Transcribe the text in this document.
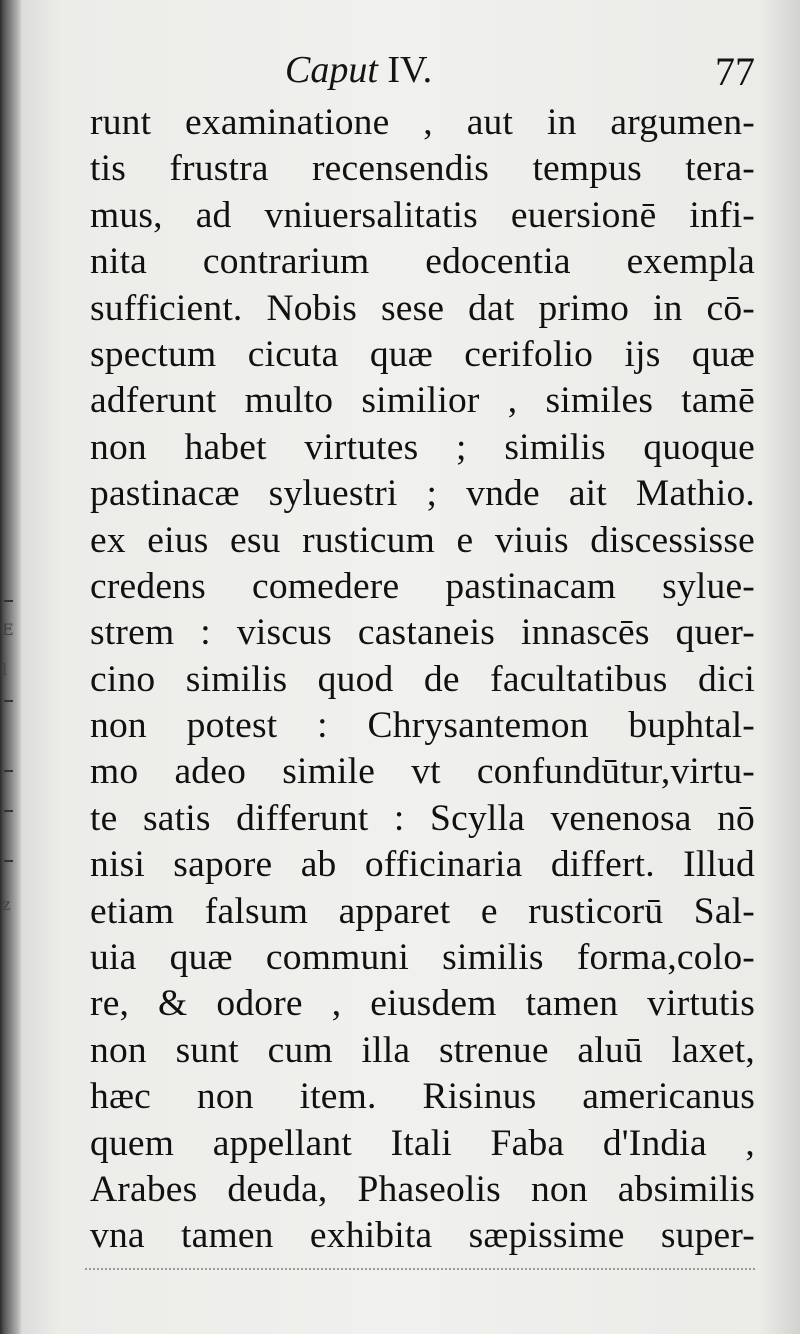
E
l
z
Caput IV.	77
runt examinatione , aut in argumen-
tis frustra recensendis tempus tera-
mus, ad vniuersalitatis euersionē infi-
nita contrarium edocentia exempla
sufficient. Nobis sese dat primo in cō-
spectum cicuta quæ cerifolio ijs quæ
adferunt multo similior , similes tamē
non habet virtutes ; similis quoque
pastinacæ syluestri ; vnde ait Mathio.
ex eius esu rusticum e viuis discessisse
credens comedere pastinacam sylue-
strem : viscus castaneis innascēs quer-
cino similis quod de facultatibus dici
non potest : Chrysantemon buphtal-
mo adeo simile vt confundūtur,virtu-
te satis differunt : Scylla venenosa nō
nisi sapore ab officinaria differt. Illud
etiam falsum apparet e rusticorū Sal-
uia quæ communi similis forma,colo-
re, & odore , eiusdem tamen virtutis
non sunt cum illa strenue aluū laxet,
hæc non item. Risinus americanus
quem appellant Itali Faba d'India ,
Arabes deuda, Phaseolis non absimilis
vna tamen exhibita sæpissime super-
